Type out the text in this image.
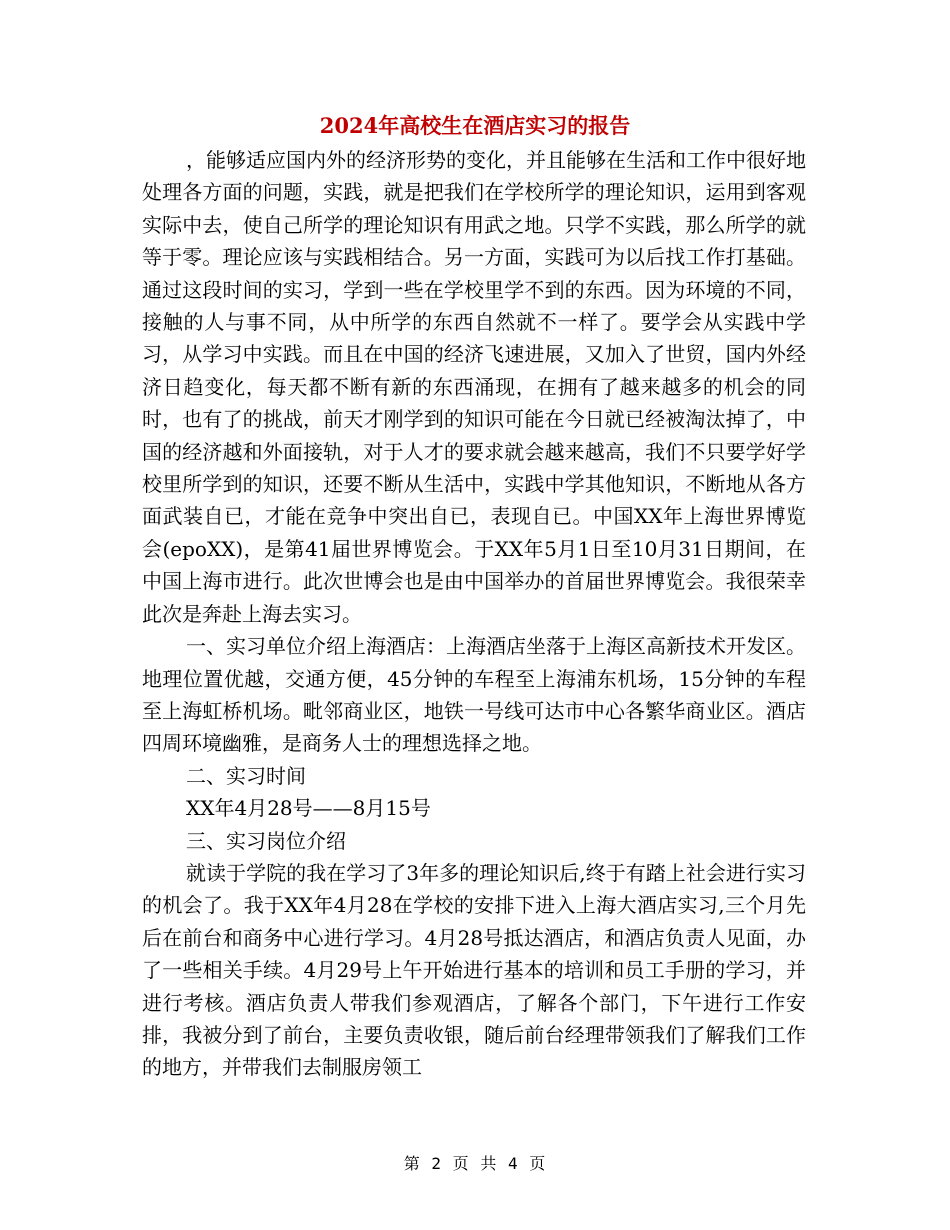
2024年高校生在酒店实习的报告

，能够适应国内外的经济形势的变化，并且能够在生活和工作中很好地处理各方面的问题，实践，就是把我们在学校所学的理论知识，运用到客观实际中去，使自己所学的理论知识有用武之地。只学不实践，那么所学的就等于零。理论应该与实践相结合。另一方面，实践可为以后找工作打基础。通过这段时间的实习，学到一些在学校里学不到的东西。因为环境的不同，接触的人与事不同，从中所学的东西自然就不一样了。要学会从实践中学习，从学习中实践。而且在中国的经济飞速进展，又加入了世贸，国内外经济日趋变化，每天都不断有新的东西涌现，在拥有了越来越多的机会的同时，也有了的挑战，前天才刚学到的知识可能在今日就已经被淘汰掉了，中国的经济越和外面接轨，对于人才的要求就会越来越高，我们不只要学好学校里所学到的知识，还要不断从生活中，实践中学其他知识，不断地从各方面武装自已，才能在竞争中突出自已，表现自已。中国XX年上海世界博览会(epoXX)，是第41届世界博览会。于XX年5月1日至10月31日期间，在中国上海市进行。此次世博会也是由中国举办的首届世界博览会。我很荣幸此次是奔赴上海去实习。

一、实习单位介绍上海酒店：上海酒店坐落于上海区高新技术开发区。地理位置优越，交通方便，45分钟的车程至上海浦东机场，15分钟的车程至上海虹桥机场。毗邻商业区，地铁一号线可达市中心各繁华商业区。酒店四周环境幽雅，是商务人士的理想选择之地。

二、实习时间

XX年4月28号——8月15号

三、实习岗位介绍

就读于学院的我在学习了3年多的理论知识后,终于有踏上社会进行实习的机会了。我于XX年4月28在学校的安排下进入上海大酒店实习,三个月先后在前台和商务中心进行学习。4月28号抵达酒店，和酒店负责人见面，办了一些相关手续。4月29号上午开始进行基本的培训和员工手册的学习，并进行考核。酒店负责人带我们参观酒店，了解各个部门，下午进行工作安排，我被分到了前台，主要负责收银，随后前台经理带领我们了解我们工作的地方，并带我们去制服房领工

第 2 页 共 4 页
